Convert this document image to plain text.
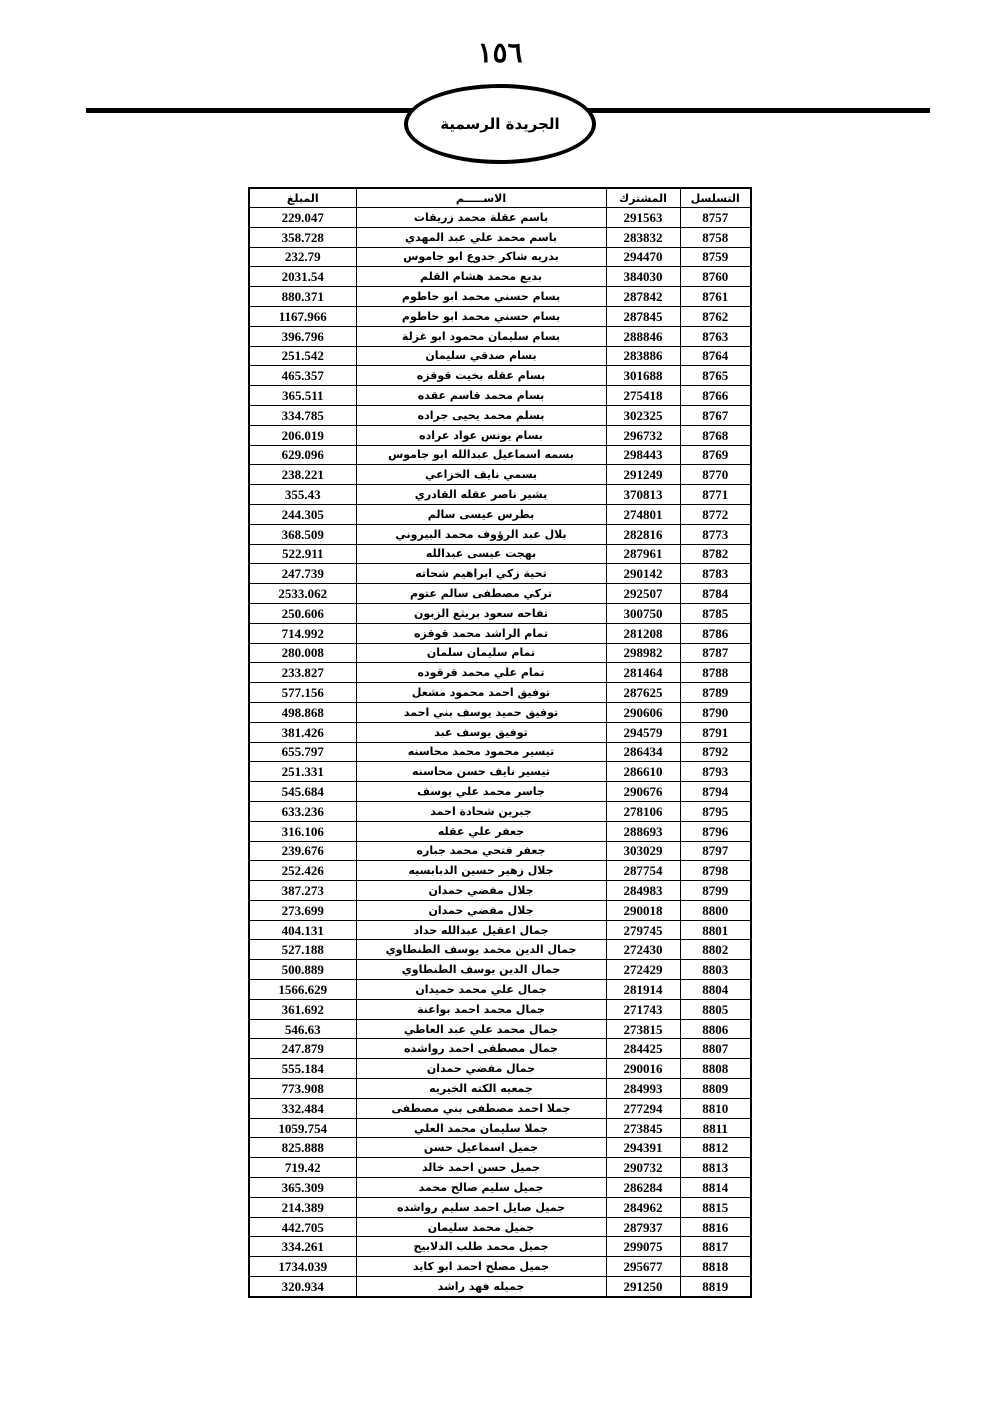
١٥٦
الجريدة الرسمية
المبلغ	الاســـــم	المشترك	التسلسل
229.047	باسم عقلة محمد زريقات	291563	8757
358.728	باسم محمد علي عبد المهدي	283832	8758
232.79	بدريه شاكر جدوع ابو جاموس	294470	8759
2031.54	بديع محمد هشام القلم	384030	8760
880.371	بسام حسني محمد ابو حاطوم	287842	8761
1167.966	بسام حسني محمد ابو حاطوم	287845	8762
396.796	بسام سليمان محمود ابو غزلة	288846	8763
251.542	بسام صدقي سليمان	283886	8764
465.357	بسام عقله بخيت قوقزه	301688	8765
365.511	بسام محمد قاسم عقده	275418	8766
334.785	بسلم محمد يحيى جراده	302325	8767
206.019	بسام يونس عواد عراده	296732	8768
629.096	بسمه اسماعيل عبدالله ابو جاموس	298443	8769
238.221	بسمي نايف الخزاعي	291249	8770
355.43	بشير ناصر عقله القادري	370813	8771
244.305	بطرس عيسى سالم	274801	8772
368.509	بلال عبد الرؤوف محمد البيروني	282816	8773
522.911	بهجت عيسى عبدالله	287961	8782
247.739	تحية زكي ابراهيم شحاته	290142	8783
2533.062	تركي مصطفى سالم عتوم	292507	8784
250.606	تفاحه سعود بريثع الزبون	300750	8785
714.992	تمام الراشد محمد قوقزه	281208	8786
280.008	تمام سليمان سلمان	298982	8787
233.827	تمام علي محمد قرقوده	281464	8788
577.156	توفيق احمد محمود مشعل	287625	8789
498.868	توفيق حميد يوسف بني احمد	290606	8790
381.426	توفيق يوسف عبد	294579	8791
655.797	تيسير محمود محمد محاسنه	286434	8792
251.331	تيسير نايف حسن محاسنه	286610	8793
545.684	جاسر محمد علي يوسف	290676	8794
633.236	جبرين شحادة احمد	278106	8795
316.106	جعفر علي عقله	288693	8796
239.676	جعفر فتحي محمد جباره	303029	8797
252.426	جلال زهير حسين الدبابسيه	287754	8798
387.273	جلال مفضي حمدان	284983	8799
273.699	جلال مفضي حمدان	290018	8800
404.131	جمال اعقيل عبدالله حداد	279745	8801
527.188	جمال الدين محمد يوسف الطنطاوي	272430	8802
500.889	جمال الدين يوسف الطنطاوي	272429	8803
1566.629	جمال علي محمد حميدان	281914	8804
361.692	جمال محمد احمد بواعنة	271743	8805
546.63	جمال محمد علي عبد العاطي	273815	8806
247.879	جمال مصطفى احمد رواشده	284425	8807
555.184	جمال مفضي حمدان	290016	8808
773.908	جمعيه الكته الخيريه	284993	8809
332.484	جملا احمد مصطفى بني مصطفى	277294	8810
1059.754	جملا سليمان محمد العلي	273845	8811
825.888	جميل اسماعيل حسن	294391	8812
719.42	جميل حسن احمد خالد	290732	8813
365.309	جميل سليم صالح محمد	286284	8814
214.389	جميل صايل احمد سليم رواشده	284962	8815
442.705	جميل محمد سليمان	287937	8816
334.261	جميل محمد طلب الدلابيح	299075	8817
1734.039	جميل مصلح احمد ابو كايد	295677	8818
320.934	جميله فهد راشد	291250	8819
